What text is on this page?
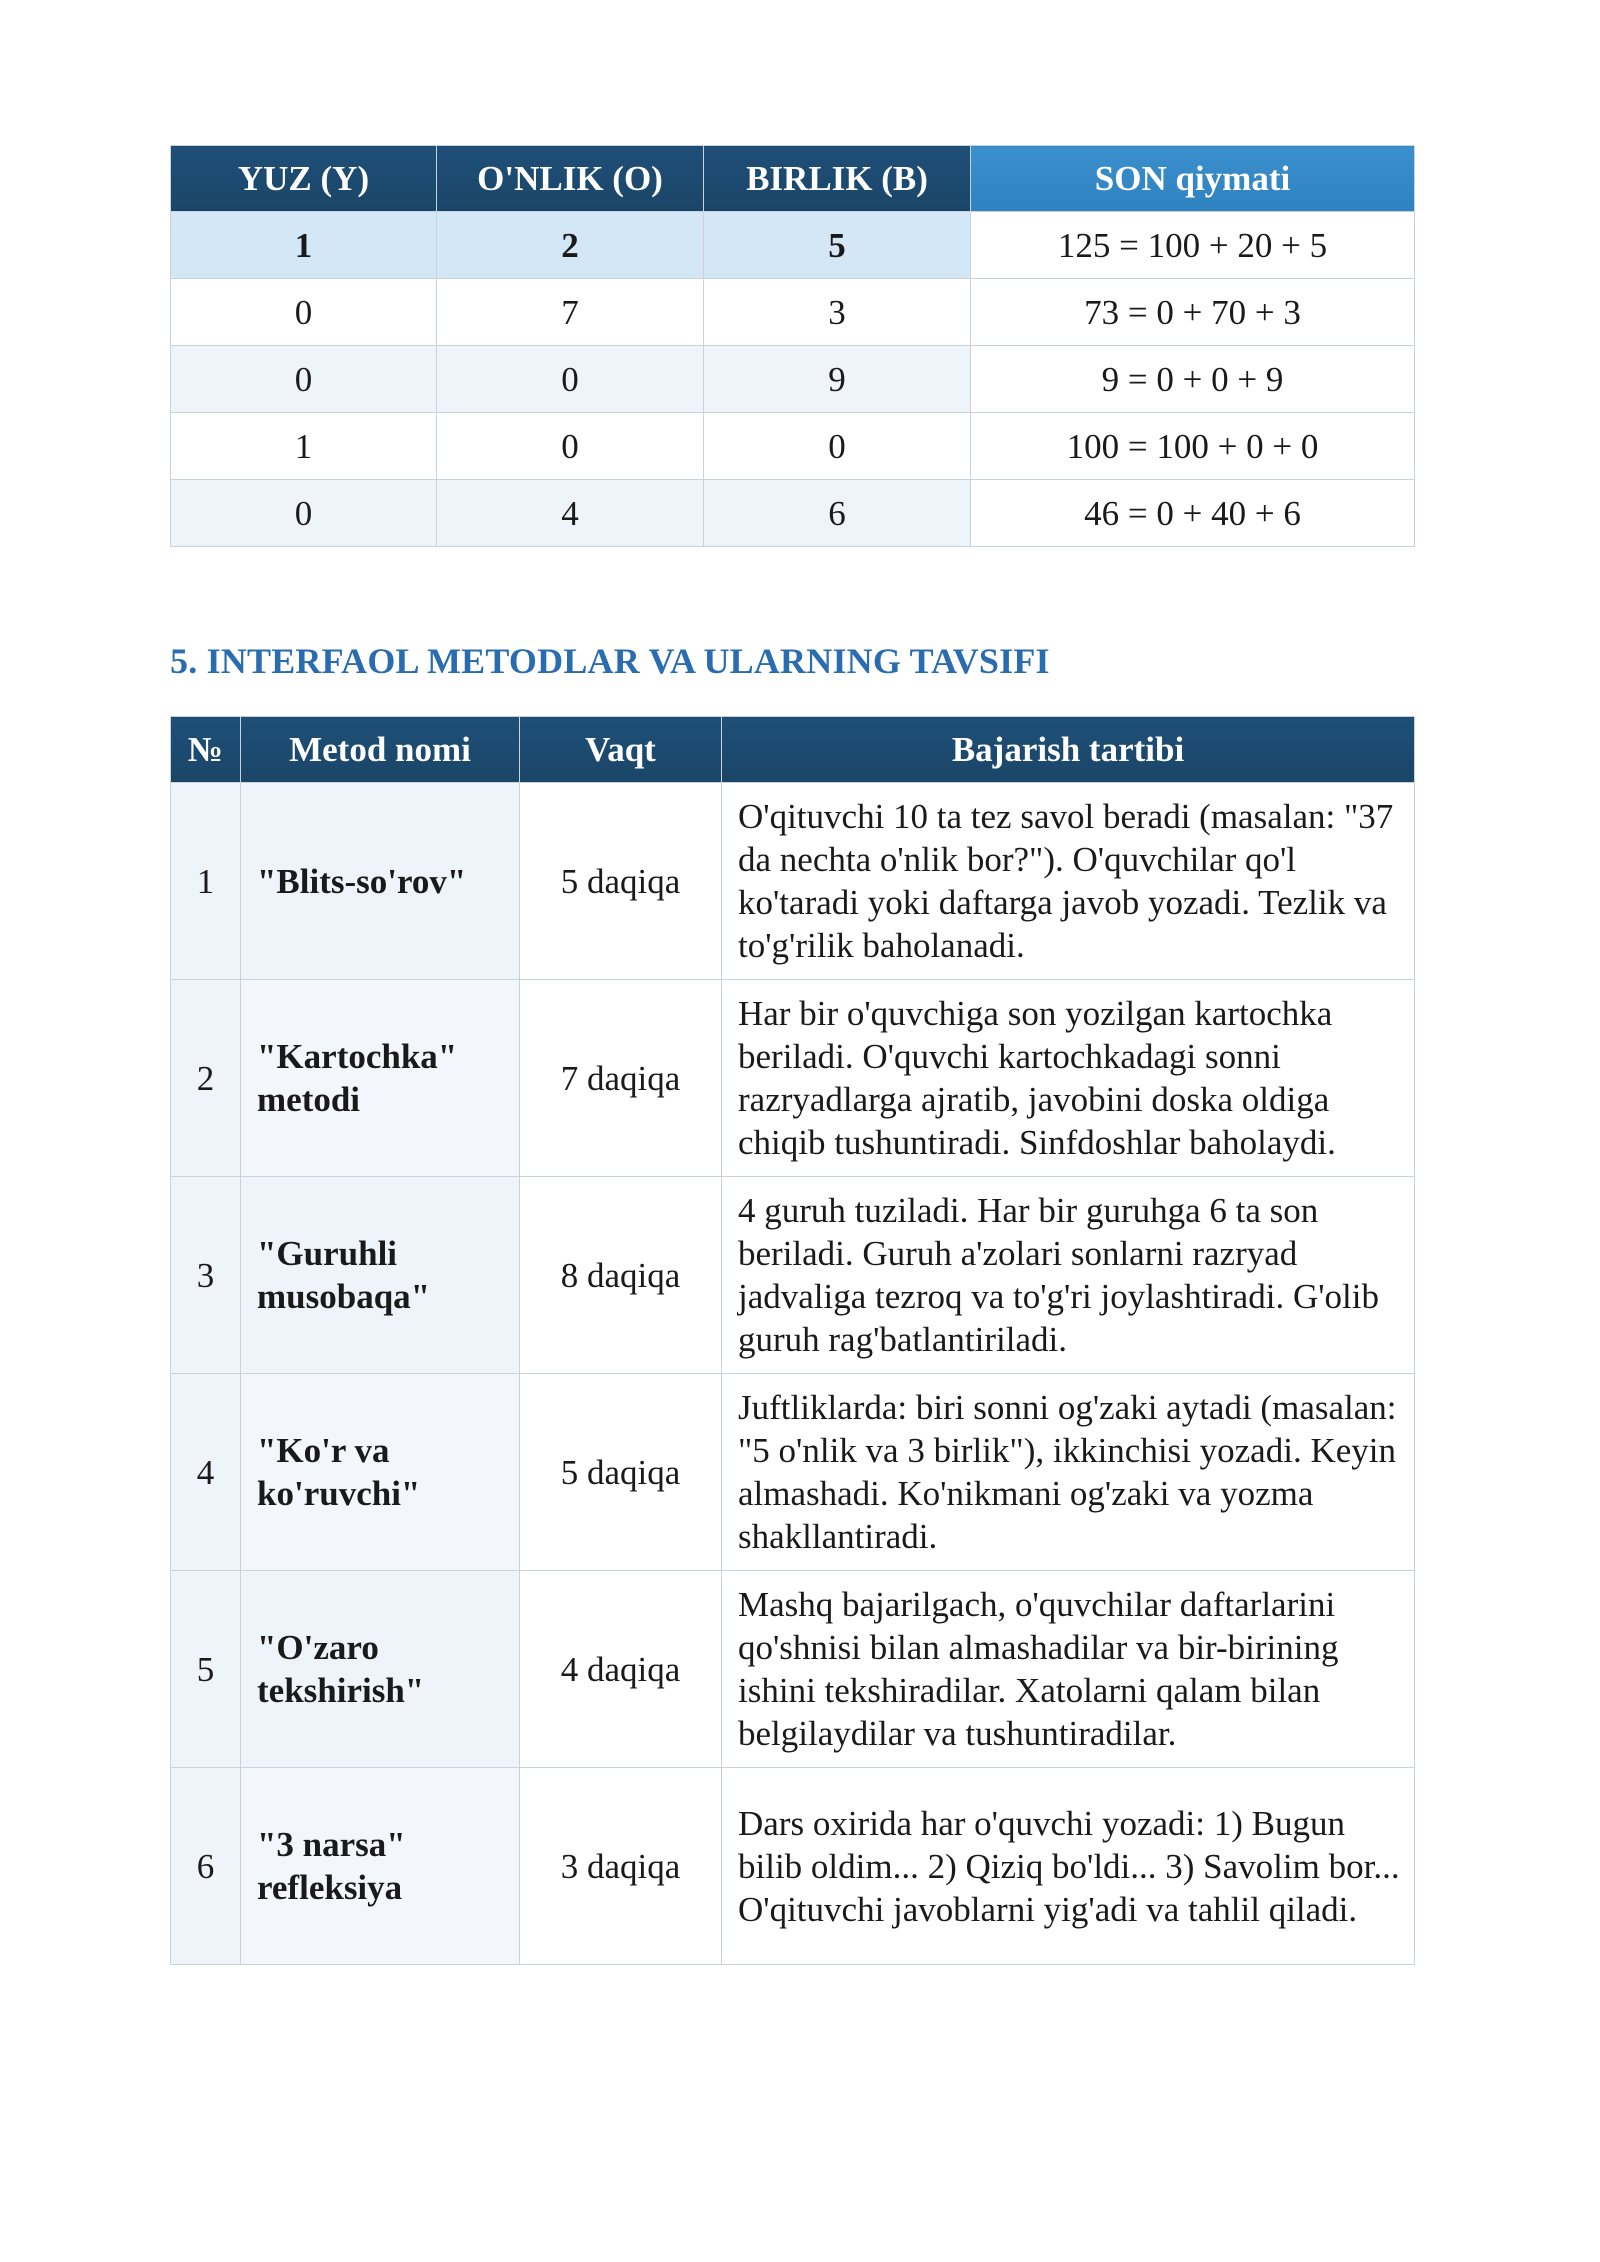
YUZ (Y)	O'NLIK (O)	BIRLIK (B)	SON qiymati
1	2	5	125 = 100 + 20 + 5
0	7	3	73 = 0 + 70 + 3
0	0	9	9 = 0 + 0 + 9
1	0	0	100 = 100 + 0 + 0
0	4	6	46 = 0 + 40 + 6
5. INTERFAOL METODLAR VA ULARNING TAVSIFI
№	Metod nomi	Vaqt	Bajarish tartibi
1	"Blits-so'rov"	5 daqiqa	O'qituvchi 10 ta tez savol beradi (masalan: "37 da nechta o'nlik bor?"). O'quvchilar qo'l ko'taradi yoki daftarga javob yozadi. Tezlik va to'g'rilik baholanadi.
2	"Kartochka" metodi	7 daqiqa	Har bir o'quvchiga son yozilgan kartochka beriladi. O'quvchi kartochkadagi sonni razryadlarga ajratib, javobini doska oldiga chiqib tushuntiradi. Sinfdoshlar baholaydi.
3	"Guruhli musobaqa"	8 daqiqa	4 guruh tuziladi. Har bir guruhga 6 ta son beriladi. Guruh a'zolari sonlarni razryad jadvaliga tezroq va to'g'ri joylashtiradi. G'olib guruh rag'batlantiriladi.
4	"Ko'r va ko'ruvchi"	5 daqiqa	Juftliklarda: biri sonni og'zaki aytadi (masalan: "5 o'nlik va 3 birlik"), ikkinchisi yozadi. Keyin almashadi. Ko'nikmani og'zaki va yozma shakllantiradi.
5	"O'zaro tekshirish"	4 daqiqa	Mashq bajarilgach, o'quvchilar daftarlarini qo'shnisi bilan almashadilar va bir-birining ishini tekshiradilar. Xatolarni qalam bilan belgilaydilar va tushuntiradilar.
6	"3 narsa" refleksiya	3 daqiqa	Dars oxirida har o'quvchi yozadi: 1) Bugun bilib oldim... 2) Qiziq bo'ldi... 3) Savolim bor... O'qituvchi javoblarni yig'adi va tahlil qiladi.
